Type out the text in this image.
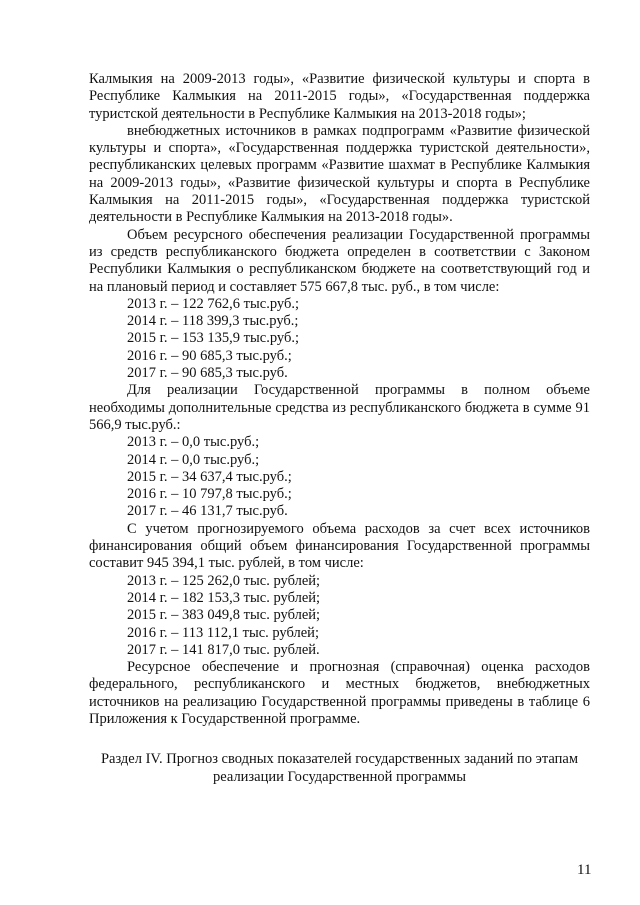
Калмыкия на 2009-2013 годы», «Развитие физической культуры и спорта в Республике Калмыкия на 2011-2015 годы», «Государственная поддержка туристской деятельности в Республике Калмыкия на 2013-2018 годы»;

внебюджетных источников в рамках подпрограмм «Развитие физической культуры и спорта», «Государственная поддержка туристской деятельности», республиканских целевых программ «Развитие шахмат в Республике Калмыкия на 2009-2013 годы», «Развитие физической культуры и спорта в Республике Калмыкия на 2011-2015 годы», «Государственная поддержка туристской деятельности в Республике Калмыкия на 2013-2018 годы».

Объем ресурсного обеспечения реализации Государственной программы из средств республиканского бюджета определен в соответствии с Законом Республики Калмыкия о республиканском бюджете на соответствующий год и на плановый период и составляет 575 667,8 тыс. руб., в том числе:

2013 г. – 122 762,6 тыс.руб.;

2014 г. – 118 399,3 тыс.руб.;

2015 г. – 153 135,9 тыс.руб.;

2016 г. – 90 685,3 тыс.руб.;

2017 г. – 90 685,3 тыс.руб.

Для реализации Государственной программы в полном объеме необходимы дополнительные средства из республиканского бюджета в сумме 91 566,9 тыс.руб.:

2013 г. – 0,0 тыс.руб.;

2014 г. – 0,0 тыс.руб.;

2015 г. – 34 637,4 тыс.руб.;

2016 г. – 10 797,8 тыс.руб.;

2017 г. – 46 131,7 тыс.руб.

С учетом прогнозируемого объема расходов за счет всех источников финансирования общий объем финансирования Государственной программы составит 945 394,1 тыс. рублей, в том числе:

2013 г. – 125 262,0 тыс. рублей;

2014 г. – 182 153,3 тыс. рублей;

2015 г. – 383 049,8 тыс. рублей;

2016 г. – 113 112,1 тыс. рублей;

2017 г. – 141 817,0 тыс. рублей.

Ресурсное обеспечение и прогнозная (справочная) оценка расходов федерального, республиканского и местных бюджетов, внебюджетных источников на реализацию Государственной программы приведены в таблице 6 Приложения к Государственной программе.

Раздел IV. Прогноз сводных показателей государственных заданий по этапам
реализации Государственной программы
11
